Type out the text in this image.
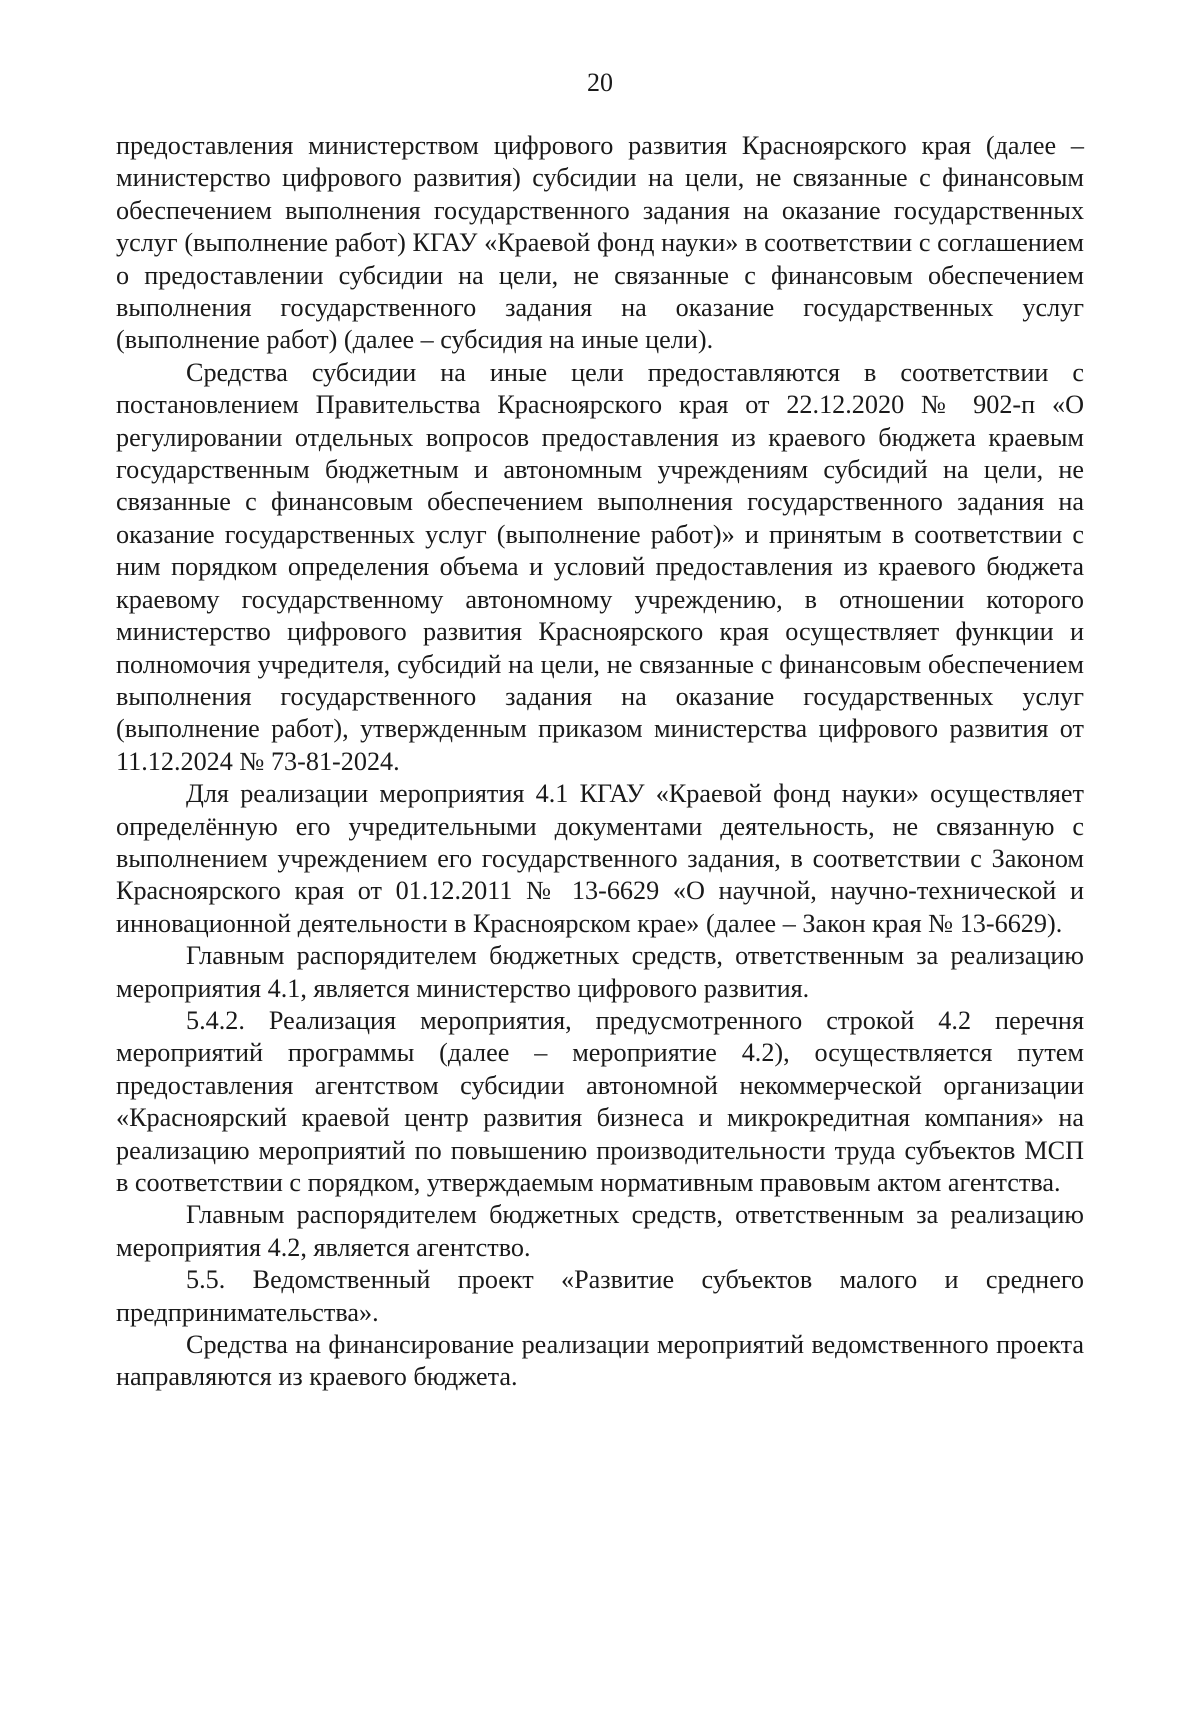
20

предоставления министерством цифрового развития Красноярского края (далее – министерство цифрового развития) субсидии на цели, не связанные с финансовым обеспечением выполнения государственного задания на оказание государственных услуг (выполнение работ) КГАУ «Краевой фонд науки» в соответствии с соглашением о предоставлении субсидии на цели, не связанные с финансовым обеспечением выполнения государственного задания на оказание государственных услуг (выполнение работ) (далее – субсидия на иные цели).

Средства субсидии на иные цели предоставляются в соответствии с постановлением Правительства Красноярского края от 22.12.2020 № 902-п «О регулировании отдельных вопросов предоставления из краевого бюджета краевым государственным бюджетным и автономным учреждениям субсидий на цели, не связанные с финансовым обеспечением выполнения государственного задания на оказание государственных услуг (выполнение работ)» и принятым в соответствии с ним порядком определения объема и условий предоставления из краевого бюджета краевому государственному автономному учреждению, в отношении которого министерство цифрового развития Красноярского края осуществляет функции и полномочия учредителя, субсидий на цели, не связанные с финансовым обеспечением выполнения государственного задания на оказание государственных услуг (выполнение работ), утвержденным приказом министерства цифрового развития от 11.12.2024 № 73-81-2024.

Для реализации мероприятия 4.1 КГАУ «Краевой фонд науки» осуществляет определённую его учредительными документами деятельность, не связанную с выполнением учреждением его государственного задания, в соответствии с Законом Красноярского края от 01.12.2011 № 13-6629 «О научной, научно-технической и инновационной деятельности в Красноярском крае» (далее – Закон края № 13-6629).

Главным распорядителем бюджетных средств, ответственным за реализацию мероприятия 4.1, является министерство цифрового развития.

5.4.2. Реализация мероприятия, предусмотренного строкой 4.2 перечня мероприятий программы (далее – мероприятие 4.2), осуществляется путем предоставления агентством субсидии автономной некоммерческой организации «Красноярский краевой центр развития бизнеса и микрокредитная компания» на реализацию мероприятий по повышению производительности труда субъектов МСП в соответствии с порядком, утверждаемым нормативным правовым актом агентства.

Главным распорядителем бюджетных средств, ответственным за реализацию мероприятия 4.2, является агентство.

5.5. Ведомственный проект «Развитие субъектов малого и среднего предпринимательства».

Средства на финансирование реализации мероприятий ведомственного проекта направляются из краевого бюджета.
